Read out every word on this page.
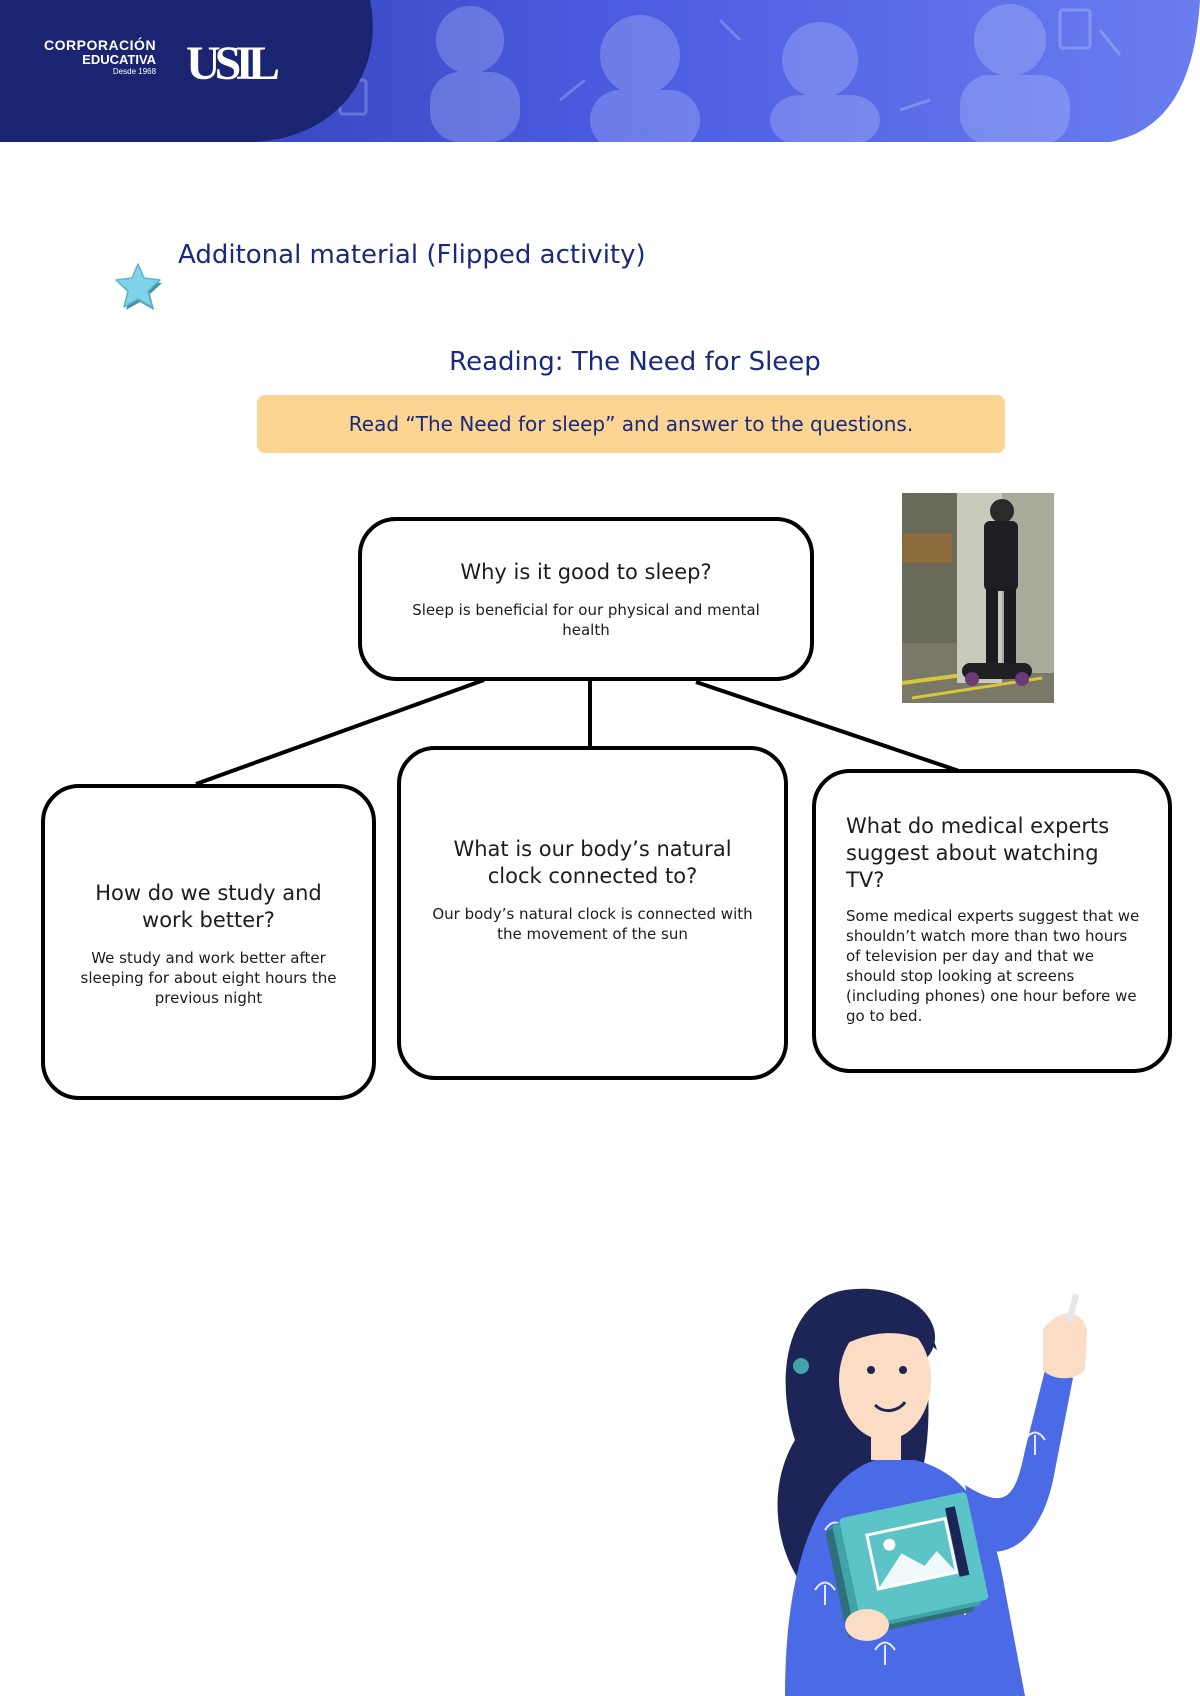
CORPORACIÓN
EDUCATIVA
Desde 1968 USIL
Additonal material (Flipped activity)
Reading: The Need for Sleep
Read “The Need for sleep” and answer to the questions.
Why is it good to sleep?
Sleep is beneficial for our physical and mental health
How do we study and work better?
We study and work better after sleeping for about eight hours the previous night
What is our body’s natural clock connected to?
Our body’s natural clock is connected with the movement of the sun
What do medical experts suggest about watching TV?
Some medical experts suggest that we shouldn’t watch more than two hours of television per day and that we should stop looking at screens (including phones) one hour before we go to bed.
